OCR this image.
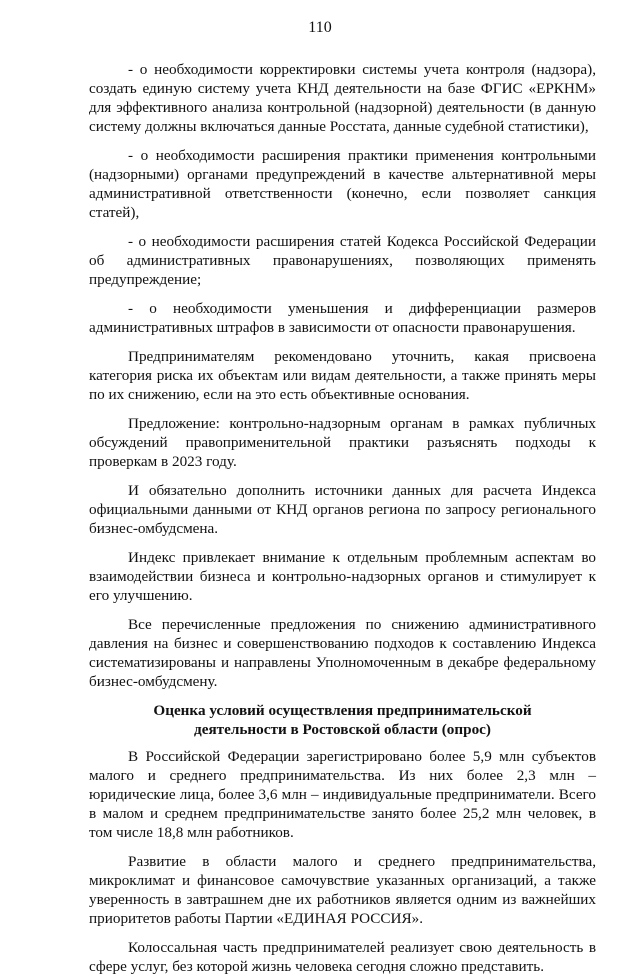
110

- о необходимости корректировки системы учета контроля (надзора), создать единую систему учета КНД деятельности на базе ФГИС «ЕРКНМ» для эффективного анализа контрольной (надзорной) деятельности (в данную систему должны включаться данные Росстата, данные судебной статистики),

- о необходимости расширения практики применения контрольными (надзорными) органами предупреждений в качестве альтернативной меры административной ответственности (конечно, если позволяет санкция статей),

- о необходимости расширения статей Кодекса Российской Федерации об административных правонарушениях, позволяющих применять предупреждение;

- о необходимости уменьшения и дифференциации размеров административных штрафов в зависимости от опасности правонарушения.

Предпринимателям рекомендовано уточнить, какая присвоена категория риска их объектам или видам деятельности, а также принять меры по их снижению, если на это есть объективные основания.

Предложение: контрольно-надзорным органам в рамках публичных обсуждений правоприменительной практики разъяснять подходы к проверкам в 2023 году.

И обязательно дополнить источники данных для расчета Индекса официальными данными от КНД органов региона по запросу регионального бизнес-омбудсмена.

Индекс привлекает внимание к отдельным проблемным аспектам во взаимодействии бизнеса и контрольно-надзорных органов и стимулирует к его улучшению.

Все перечисленные предложения по снижению административного давления на бизнес и совершенствованию подходов к составлению Индекса систематизированы и направлены Уполномоченным в декабре федеральному бизнес-омбудсмену.

Оценка условий осуществления предпринимательской
деятельности в Ростовской области (опрос)

В Российской Федерации зарегистрировано более 5,9 млн субъектов малого и среднего предпринимательства. Из них более 2,3 млн – юридические лица, более 3,6 млн – индивидуальные предприниматели. Всего в малом и среднем предпринимательстве занято более 25,2 млн человек, в том числе 18,8 млн работников.

Развитие в области малого и среднего предпринимательства, микроклимат и финансовое самочувствие указанных организаций, а также уверенность в завтрашнем дне их работников является одним из важнейших приоритетов работы Партии «ЕДИНАЯ РОССИЯ».

Колоссальная часть предпринимателей реализует свою деятельность в сфере услуг, без которой жизнь человека сегодня сложно представить.
